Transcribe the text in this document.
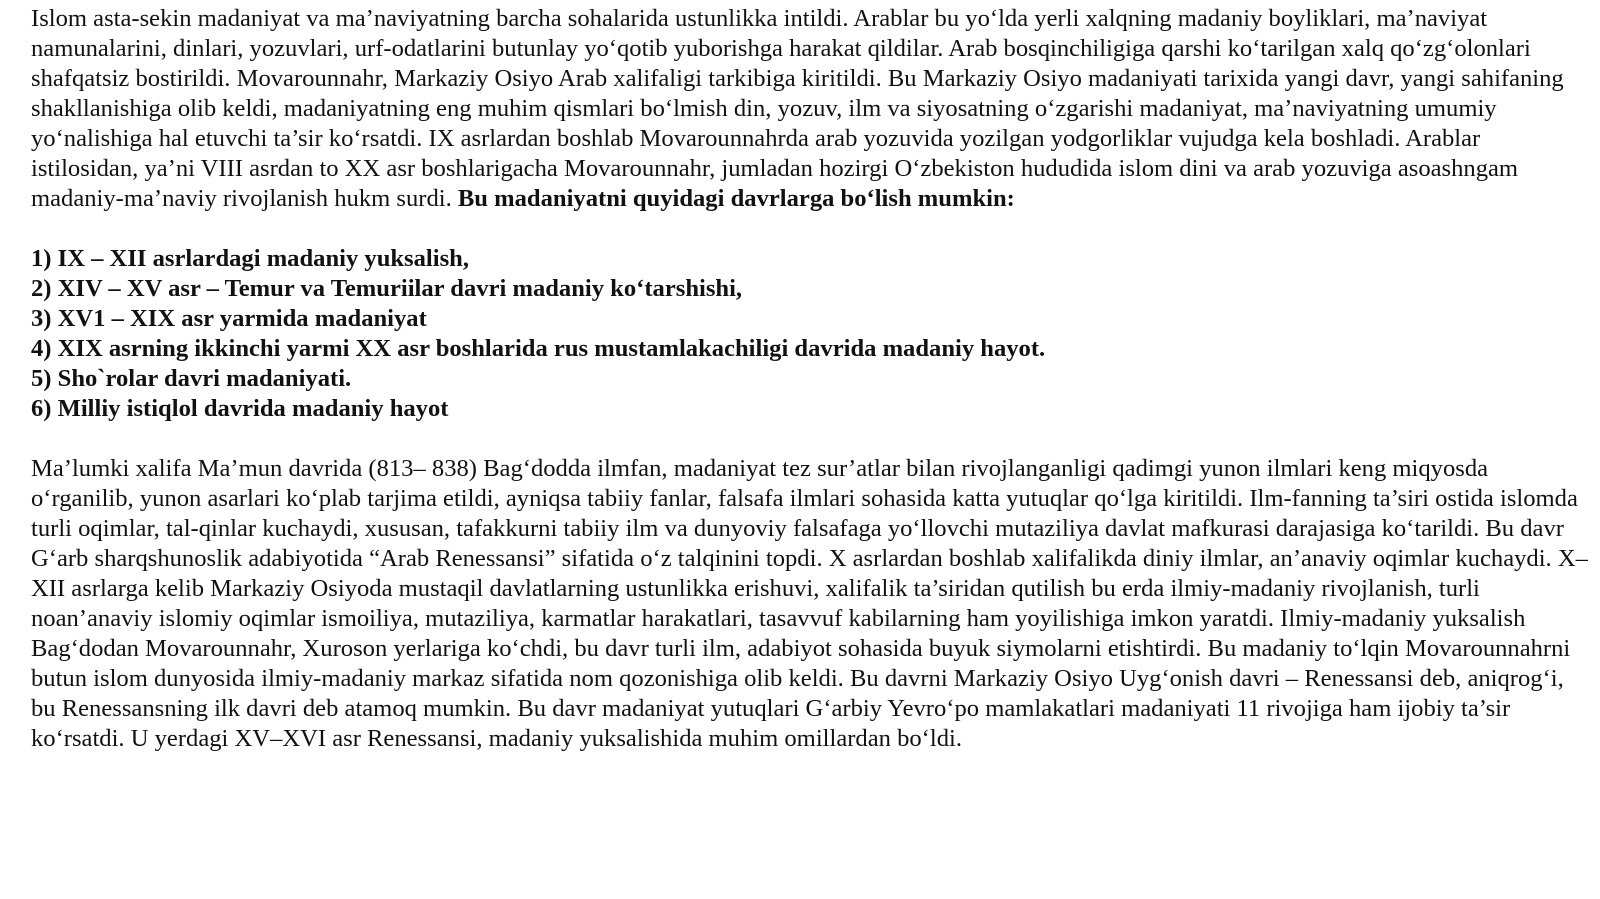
Islom asta-sekin madaniyat va ma’naviyatning barcha sohalarida ustunlikka intildi. Arablar bu yo‘lda yerli xalqning madaniy boyliklari, ma’naviyat namunalarini, dinlari, yozuvlari, urf-odatlarini butunlay yo‘qotib yuborishga harakat qildilar. Arab bosqinchiligiga qarshi ko‘tarilgan xalq qo‘zg‘olonlari shafqatsiz bostirildi. Movarounnahr, Markaziy Osiyo Arab xalifaligi tarkibiga kiritildi. Bu Markaziy Osiyo madaniyati tarixida yangi davr, yangi sahifaning shakllanishiga olib keldi, madaniyatning eng muhim qismlari bo‘lmish din, yozuv, ilm va siyosatning o‘zgarishi madaniyat, ma’naviyatning umumiy yo‘nalishiga hal etuvchi ta’sir ko‘rsatdi. IX asrlardan boshlab Movarounnahrda arab yozuvida yozilgan yodgorliklar vujudga kela boshladi. Arablar istilosidan, ya’ni VIII asrdan to XX asr boshlarigacha Movarounnahr, jumladan hozirgi O‘zbekiston hududida islom dini va arab yozuviga asoashngam madaniy-ma’naviy rivojlanish hukm surdi. Bu madaniyatni quyidagi davrlarga bo‘lish mumkin:

1) IX – XII asrlardagi madaniy yuksalish,
2) XIV – XV asr – Temur va Temuriilar davri madaniy ko‘tarshishi,
3) XV1 – XIX asr yarmida madaniyat
4) XIX asrning ikkinchi yarmi XX asr boshlarida rus mustamlakachiligi davrida madaniy hayot.
5) Sho`rolar davri madaniyati.
6) Milliy istiqlol davrida madaniy hayot

Ma’lumki xalifa Ma’mun davrida (813– 838) Bag‘dodda ilmfan, madaniyat tez sur’atlar bilan rivojlanganligi qadimgi yunon ilmlari keng miqyosda o‘rganilib, yunon asarlari ko‘plab tarjima etildi, ayniqsa tabiiy fanlar, falsafa ilmlari sohasida katta yutuqlar qo‘lga kiritildi. Ilm-fanning ta’siri ostida islomda turli oqimlar, tal-qinlar kuchaydi, xususan, tafakkurni tabiiy ilm va dunyoviy falsafaga yo‘llovchi mutaziliya davlat mafkurasi darajasiga ko‘tarildi. Bu davr G‘arb sharqshunoslik adabiyotida “Arab Renessansi” sifatida o‘z talqinini topdi. X asrlardan boshlab xalifalikda diniy ilmlar, an’anaviy oqimlar kuchaydi. X–XII asrlarga kelib Markaziy Osiyoda mustaqil davlatlarning ustunlikka erishuvi, xalifalik ta’siridan qutilish bu erda ilmiy-madaniy rivojlanish, turli noan’anaviy islomiy oqimlar ismoiliya, mutaziliya, karmatlar harakatlari, tasavvuf kabilarning ham yoyilishiga imkon yaratdi. Ilmiy-madaniy yuksalish Bag‘dodan Movarounnahr, Xuroson yerlariga ko‘chdi, bu davr turli ilm, adabiyot sohasida buyuk siymolarni etishtirdi. Bu madaniy to‘lqin Movarounnahrni butun islom dunyosida ilmiy-madaniy markaz sifatida nom qozonishiga olib keldi. Bu davrni Markaziy Osiyo Uyg‘onish davri – Renessansi deb, aniqrog‘i, bu Renessansning ilk davri deb atamoq mumkin. Bu davr madaniyat yutuqlari G‘arbiy Yevro‘po mamlakatlari madaniyati 11 rivojiga ham ijobiy ta’sir ko‘rsatdi. U yerdagi XV–XVI asr Renessansi, madaniy yuksalishida muhim omillardan bo‘ldi.
